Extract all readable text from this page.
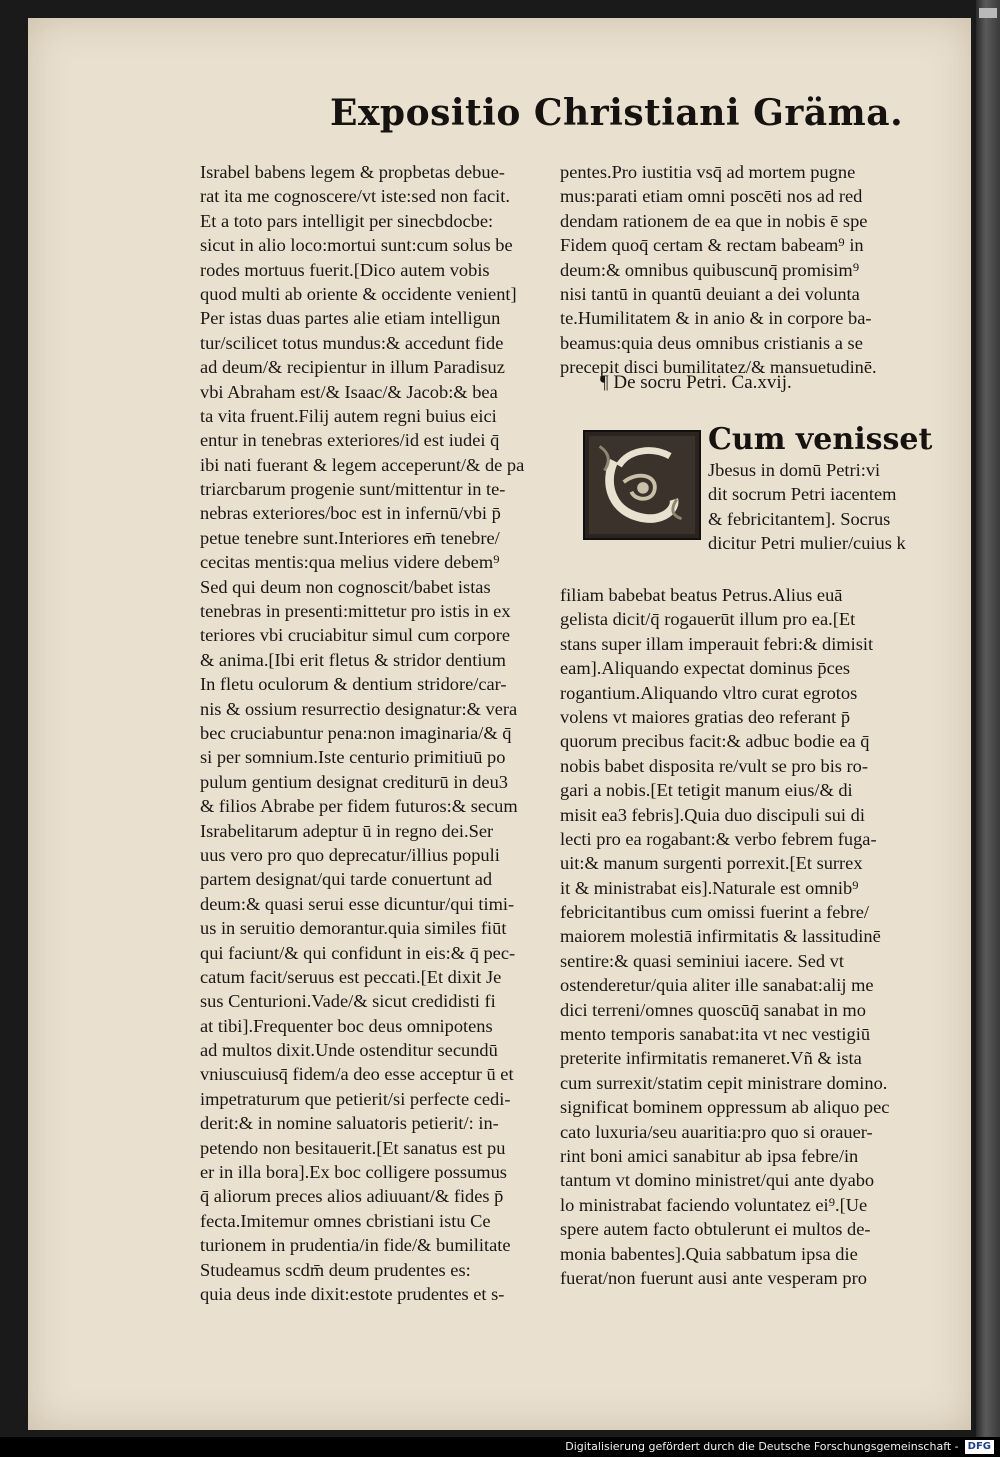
Expositio Christiani Gräma.
Israbel babens legem & propbetas debue-
rat ita me cognoscere/vt iste:sed non facit.
Et a toto pars intelligit per sinecbdocbe:
sicut in alio loco:mortui sunt:cum solus be
rodes mortuus fuerit.[Dico autem vobis
quod multi ab oriente & occidente venient]
Per istas duas partes alie etiam intelligun
tur/scilicet totus mundus:& accedunt fide
ad deum/& recipientur in illum Paradisuz
vbi Abraham est/& Isaac/& Jacob:& bea
ta vita fruent.Filij autem regni buius eici
entur in tenebras exteriores/id est iudei q̄
ibi nati fuerant & legem acceperunt/& de pa
triarcbarum progenie sunt/mittentur in te-
nebras exteriores/boc est in infernū/vbi p̄
petue tenebre sunt.Interiores em̄ tenebre/
cecitas mentis:qua melius videre debem⁹
Sed qui deum non cognoscit/babet istas
tenebras in presenti:mittetur pro istis in ex
teriores vbi cruciabitur simul cum corpore
& anima.[Ibi erit fletus & stridor dentium
In fletu oculorum & dentium stridore/car-
nis & ossium resurrectio designatur:& vera
bec cruciabuntur pena:non imaginaria/& q̄
si per somnium.Iste centurio primitiuū po
pulum gentium designat crediturū in deu3
& filios Abrabe per fidem futuros:& secum
Israbelitarum adeptur ū in regno dei.Ser
uus vero pro quo deprecatur/illius populi
partem designat/qui tarde conuertunt ad
deum:& quasi serui esse dicuntur/qui timi-
us in seruitio demorantur.quia similes fiūt
qui faciunt/& qui confidunt in eis:& q̄ pec-
catum facit/seruus est peccati.[Et dixit Je
sus Centurioni.Vade/& sicut credidisti fi
at tibi].Frequenter boc deus omnipotens
ad multos dixit.Unde ostenditur secundū
vniuscuiusq̄ fidem/a deo esse acceptur ū et
impetraturum que petierit/si perfecte cedi-
derit:& in nomine saluatoris petierit/: in-
petendo non besitauerit.[Et sanatus est pu
er in illa bora].Ex boc colligere possumus
q̄ aliorum preces alios adiuuant/& fides p̄
fecta.Imitemur omnes cbristiani istu Ce
turionem in prudentia/in fide/& bumilitate
Studeamus scdm̄ deum prudentes es:
quia deus inde dixit:estote prudentes et s-
pentes.Pro iustitia vsq̄ ad mortem pugne
mus:parati etiam omni poscēti nos ad red
dendam rationem de ea que in nobis ē spe
Fidem quoq̄ certam & rectam babeam⁹ in
deum:& omnibus quibuscunq̄ promisim⁹
nisi tantū in quantū deuiant a dei volunta
te.Humilitatem & in anio & in corpore ba-
beamus:quia deus omnibus cristianis a se
precepit disci bumilitatez/& mansuetudinē.
¶ De socru Petri. Ca.xvij.
Cum venisset
Jbesus in domū Petri:vi
dit socrum Petri iacentem
& febricitantem]. Socrus
dicitur Petri mulier/cuius k
filiam babebat beatus Petrus.Alius euā
gelista dicit/q̄ rogauerūt illum pro ea.[Et
stans super illam imperauit febri:& dimisit
eam].Aliquando expectat dominus p̄ces
rogantium.Aliquando vltro curat egrotos
volens vt maiores gratias deo referant p̄
quorum precibus facit:& adbuc bodie ea q̄
nobis babet disposita re/vult se pro bis ro-
gari a nobis.[Et tetigit manum eius/& di
misit ea3 febris].Quia duo discipuli sui di
lecti pro ea rogabant:& verbo febrem fuga-
uit:& manum surgenti porrexit.[Et surrex
it & ministrabat eis].Naturale est omnib⁹
febricitantibus cum omissi fuerint a febre/
maiorem molestiā infirmitatis & lassitudinē
sentire:& quasi seminiui iacere. Sed vt
ostenderetur/quia aliter ille sanabat:alij me
dici terreni/omnes quoscūq̄ sanabat in mo
mento temporis sanabat:ita vt nec vestigiū
preterite infirmitatis remaneret.Vñ & ista
cum surrexit/statim cepit ministrare domino.
significat bominem oppressum ab aliquo pec
cato luxuria/seu auaritia:pro quo si orauer-
rint boni amici sanabitur ab ipsa febre/in
tantum vt domino ministret/qui ante dyabo
lo ministrabat faciendo voluntatez ei⁹.[Ue
spere autem facto obtulerunt ei multos de-
monia babentes].Quia sabbatum ipsa die
fuerat/non fuerunt ausi ante vesperam pro
Digitalisierung gefördert durch die Deutsche Forschungsgemeinschaft - DFG
